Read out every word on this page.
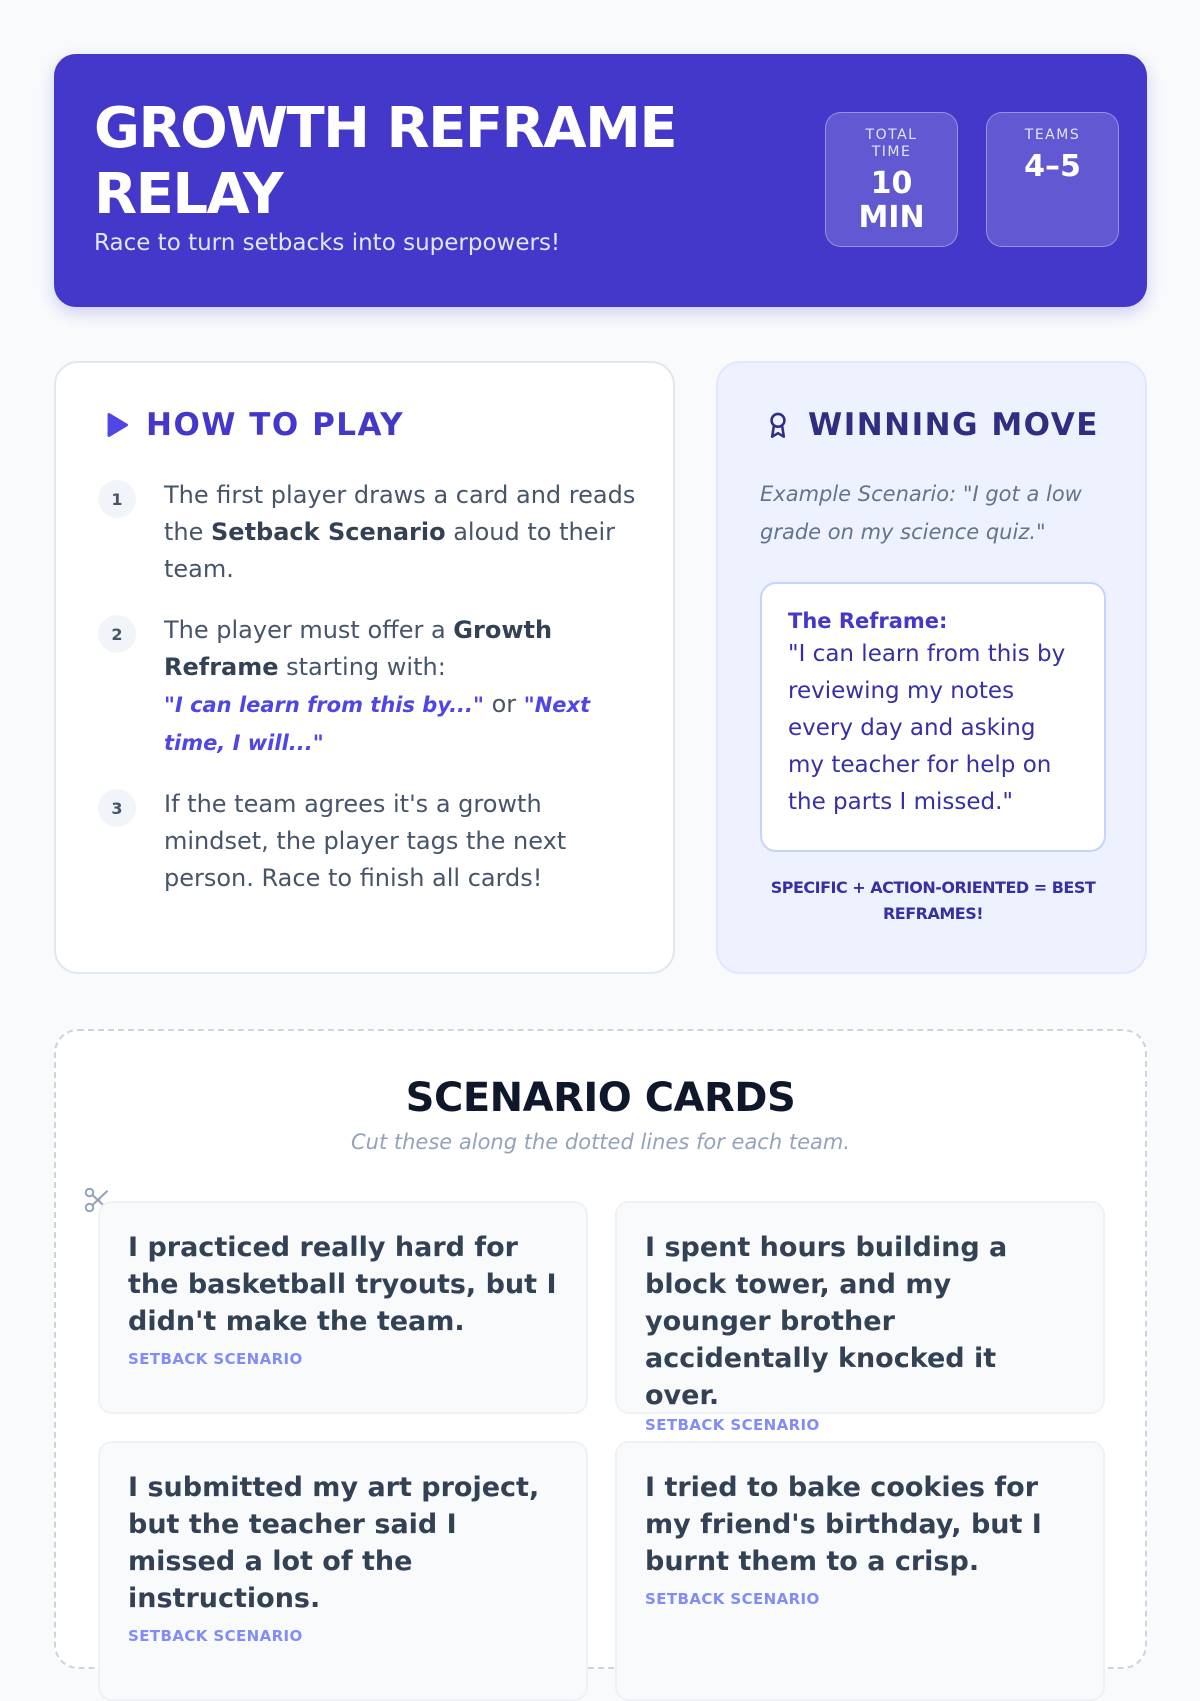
GROWTH REFRAME RELAY

Race to turn setbacks into superpowers!

TOTAL TIME
10 MIN
TEAMS
4–5
HOW TO PLAY
1	The first player draws a card and reads the Setback Scenario aloud to their team.

2	The player must offer a Growth Reframe starting with:
"I can learn from this by..." or "Next time, I will..."

3	If the team agrees it's a growth mindset, the player tags the next person. Race to finish all cards!

WINNING MOVE

Example Scenario: "I got a low grade on my science quiz."

The Reframe:

"I can learn from this by reviewing my notes every day and asking my teacher for help on the parts I missed."

SPECIFIC + ACTION-ORIENTED = BEST REFRAMES!

SCENARIO CARDS

Cut these along the dotted lines for each team.

I practiced really hard for the basketball tryouts, but I didn't make the team.

SETBACK SCENARIO

I spent hours building a block tower, and my younger brother accidentally knocked it over.

SETBACK SCENARIO

I submitted my art project, but the teacher said I missed a lot of the instructions.

SETBACK SCENARIO

I tried to bake cookies for my friend's birthday, but I burnt them to a crisp.

SETBACK SCENARIO
